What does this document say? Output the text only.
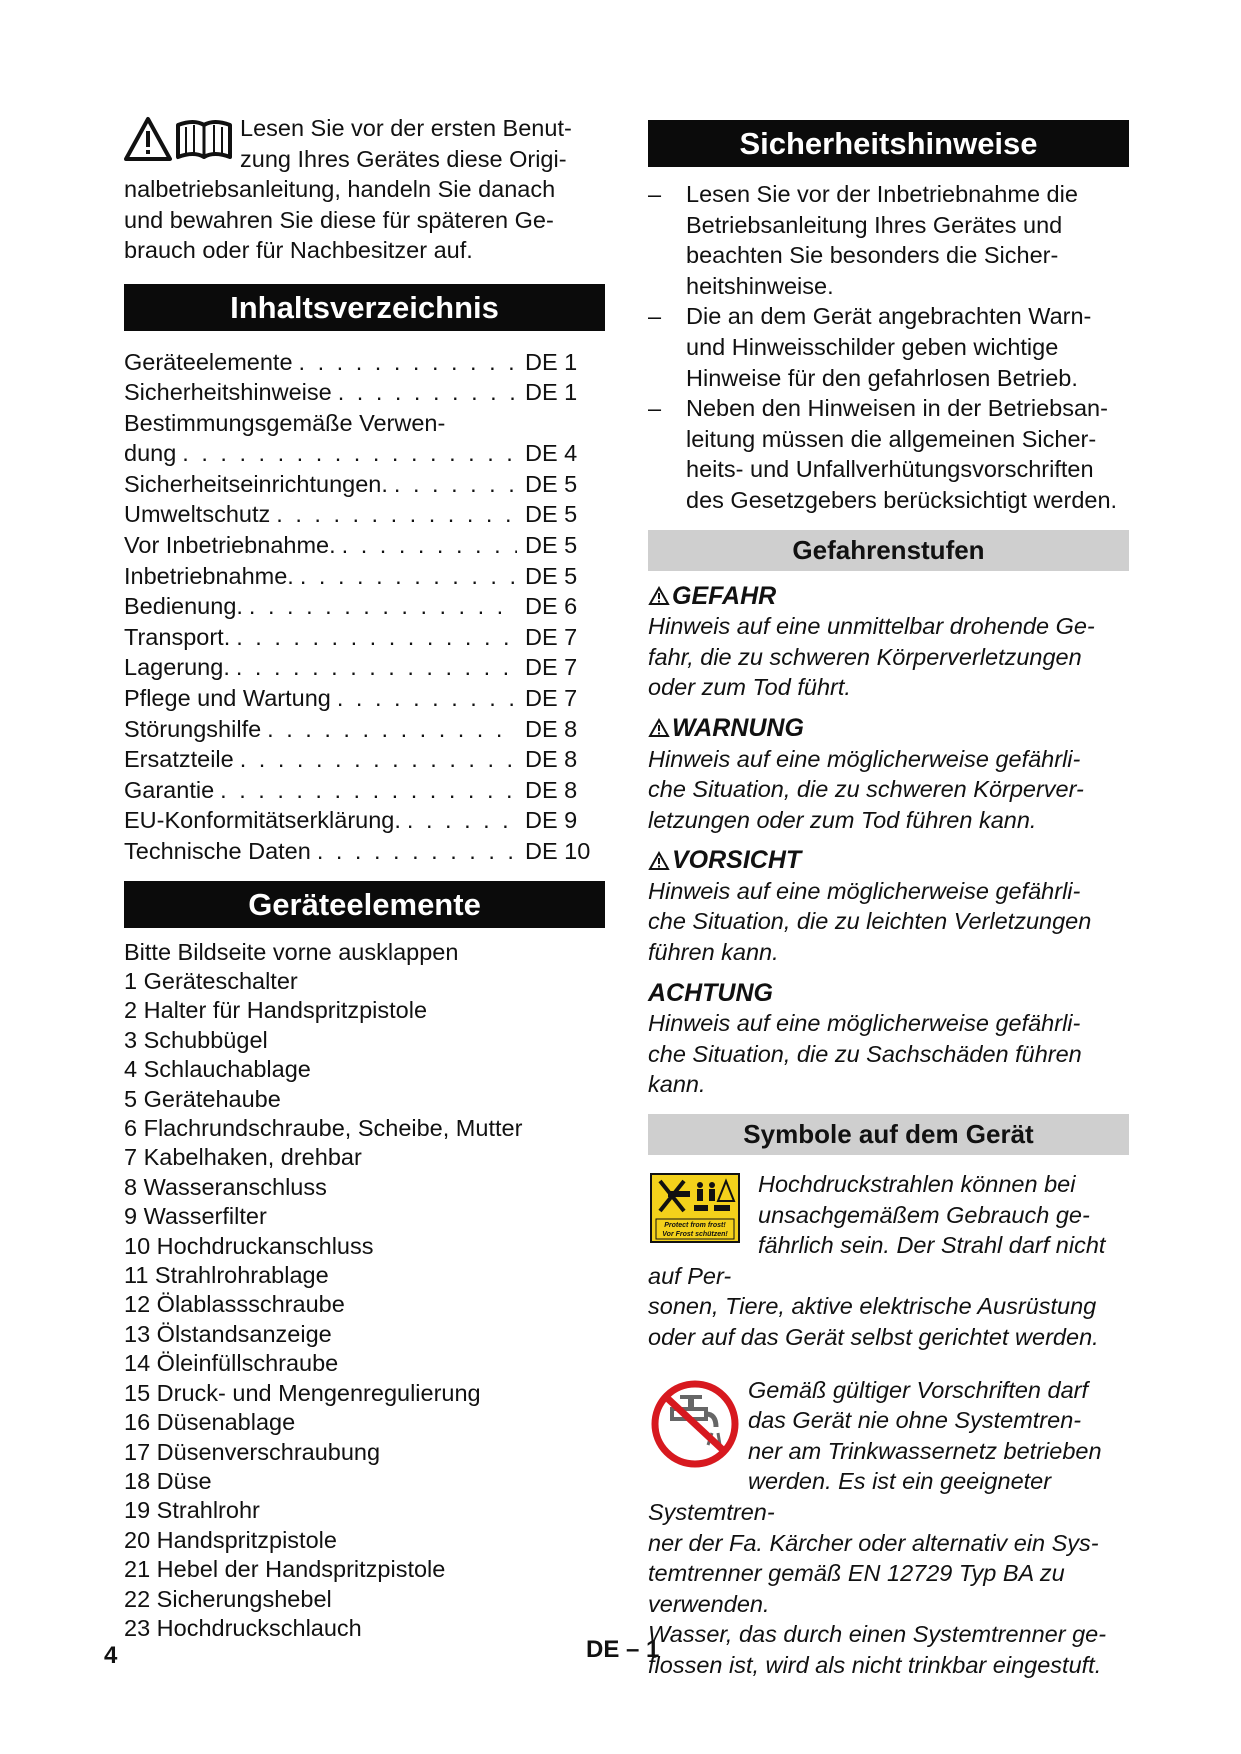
Lesen Sie vor der ersten Benut-

zung Ihres Gerätes diese Origi-

nalbetriebsanleitung, handeln Sie danach

und bewahren Sie diese für späteren Ge-

brauch oder für Nachbesitzer auf.

Inhaltsverzeichnis
Geräteelemente . . .	DE 1
Sicherheitshinweise . . .	DE 1
Bestimmungsgemäße Verwen-
dung . . .	DE 4
Sicherheitseinrichtungen. . . .	DE 5
Umweltschutz . . .	DE 5
Vor Inbetriebnahme. . . .	DE 5
Inbetriebnahme. . . .	DE 5
Bedienung. . . .	DE 6
Transport. . . .	DE 7
Lagerung. . . .	DE 7
Pflege und Wartung . . .	DE 7
Störungshilfe . . .	DE 8
Ersatzteile . . .	DE 8
Garantie . . .	DE 8
EU-Konformitätserklärung. . . .	DE 9
Technische Daten . . .	DE 10
Geräteelemente
Bitte Bildseite vorne ausklappen
1 Geräteschalter
2 Halter für Handspritzpistole
3 Schubbügel
4 Schlauchablage
5 Gerätehaube
6 Flachrundschraube, Scheibe, Mutter
7 Kabelhaken, drehbar
8 Wasseranschluss
9 Wasserfilter
10 Hochdruckanschluss
11 Strahlrohrablage
12 Ölablassschraube
13 Ölstandsanzeige
14 Öleinfüllschraube
15 Druck- und Mengenregulierung
16 Düsenablage
17 Düsenverschraubung
18 Düse
19 Strahlrohr
20 Handspritzpistole
21 Hebel der Handspritzpistole
22 Sicherungshebel
23 Hochdruckschlauch
Sicherheitshinweise
– Lesen Sie vor der Inbetriebnahme die
Betriebsanleitung Ihres Gerätes und
beachten Sie besonders die Sicher-
heitshinweise.
– Die an dem Gerät angebrachten Warn-
und Hinweisschilder geben wichtige
Hinweise für den gefahrlosen Betrieb.
– Neben den Hinweisen in der Betriebsan-
leitung müssen die allgemeinen Sicher-
heits- und Unfallverhütungsvorschriften
des Gesetzgebers berücksichtigt werden.
Gefahrenstufen
GEFAHR

Hinweis auf eine unmittelbar drohende Ge-

fahr, die zu schweren Körperverletzungen

oder zum Tod führt.

WARNUNG

Hinweis auf eine möglicherweise gefährli-

che Situation, die zu schweren Körperver-

letzungen oder zum Tod führen kann.

VORSICHT

Hinweis auf eine möglicherweise gefährli-

che Situation, die zu leichten Verletzungen

führen kann.

ACHTUNG

Hinweis auf eine möglicherweise gefährli-

che Situation, die zu Sachschäden führen

kann.

Symbole auf dem Gerät
Protect from frost!
Vor Frost schützen!

Hochdruckstrahlen können bei

unsachgemäßem Gebrauch ge-

fährlich sein. Der Strahl darf nicht auf Per-

sonen, Tiere, aktive elektrische Ausrüstung

oder auf das Gerät selbst gerichtet werden.

Gemäß gültiger Vorschriften darf

das Gerät nie ohne Systemtren-

ner am Trinkwassernetz betrieben

werden. Es ist ein geeigneter Systemtren-

ner der Fa. Kärcher oder alternativ ein Sys-

temtrenner gemäß EN 12729 Typ BA zu

verwenden.

Wasser, das durch einen Systemtrenner ge-

flossen ist, wird als nicht trinkbar eingestuft.

4	DE – 1
